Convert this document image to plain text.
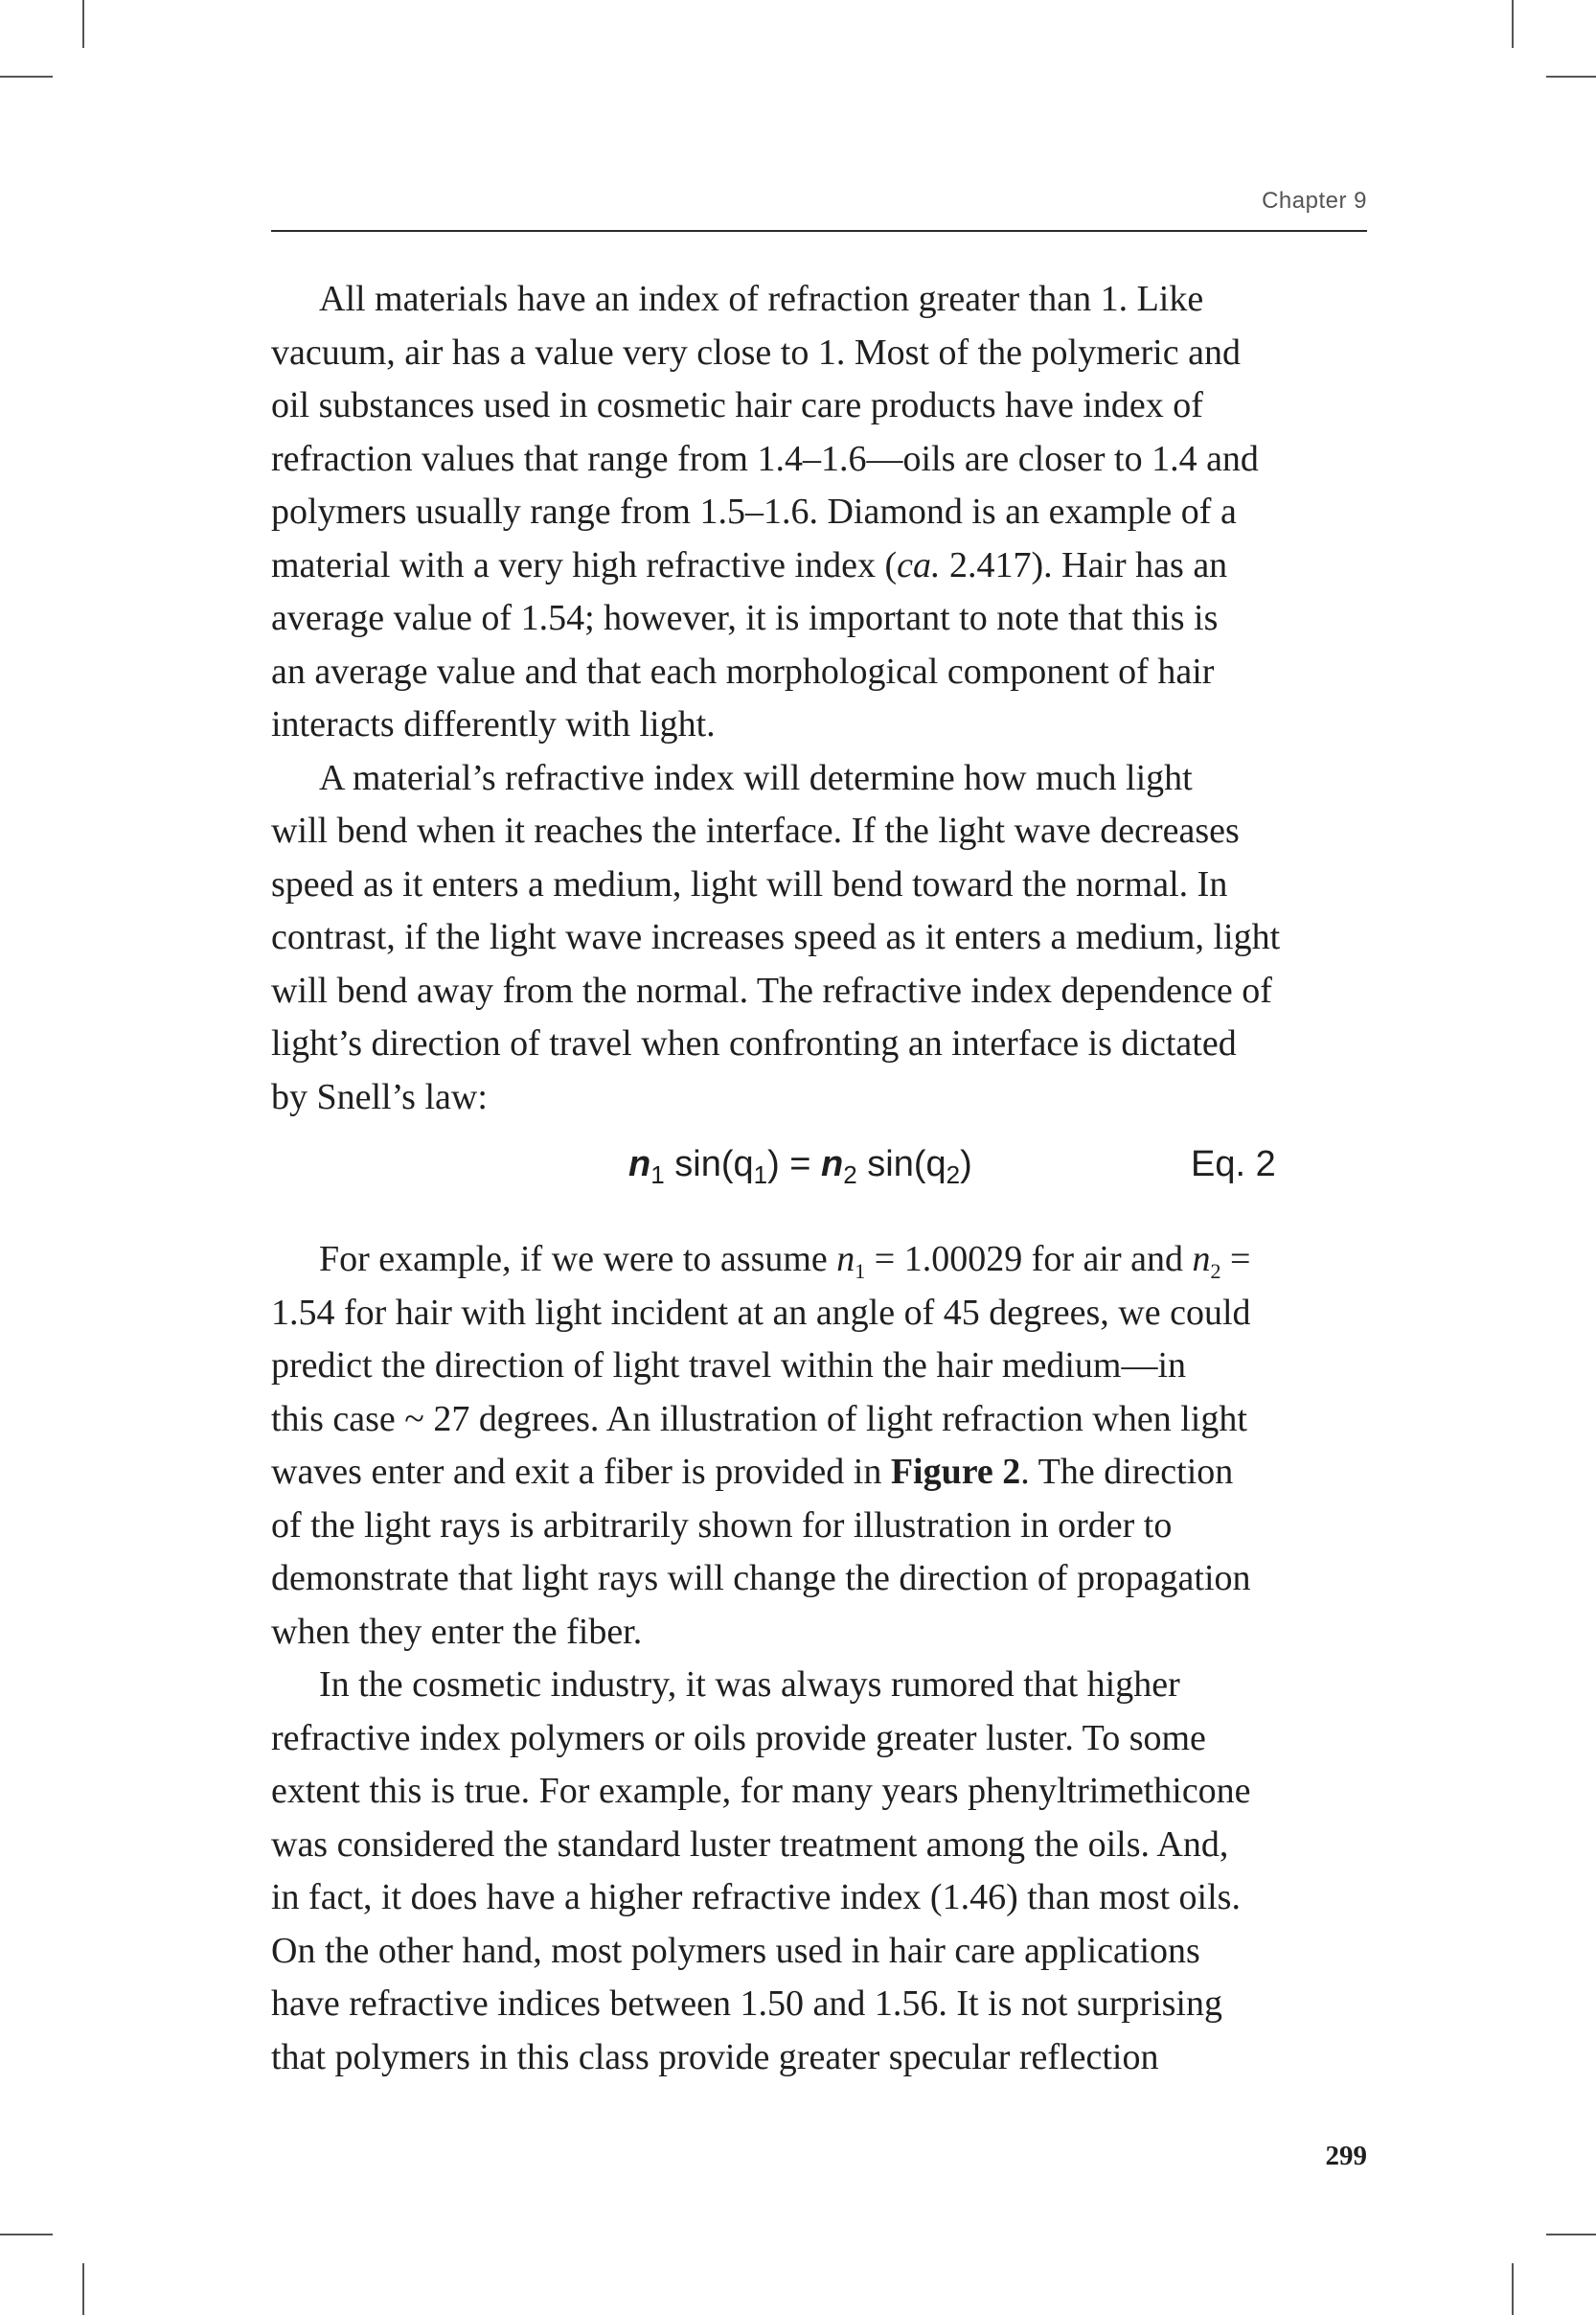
Chapter 9

All materials have an index of refraction greater than 1. Like
vacuum, air has a value very close to 1. Most of the polymeric and
oil substances used in cosmetic hair care products have index of
refraction values that range from 1.4–1.6—oils are closer to 1.4 and
polymers usually range from 1.5–1.6. Diamond is an example of a
material with a very high refractive index (ca. 2.417). Hair has an
average value of 1.54; however, it is important to note that this is
an average value and that each morphological component of hair
interacts differently with light.

A material’s refractive index will determine how much light
will bend when it reaches the interface. If the light wave decreases
speed as it enters a medium, light will bend toward the normal. In
contrast, if the light wave increases speed as it enters a medium, light
will bend away from the normal. The refractive index dependence of
light’s direction of travel when confronting an interface is dictated
by Snell’s law:

$n_1$ $\sin(q_1) = n_2$ $\sin(q_2)$	Eq. 2

For example, if we were to assume $n_1 = 1.00029$ for air and $n_2$ =
1.54 for hair with light incident at an angle of 45 degrees, we could
predict the direction of light travel within the hair medium—in
this case ~ 27 degrees. An illustration of light refraction when light
waves enter and exit a fiber is provided in Figure 2. The direction
of the light rays is arbitrarily shown for illustration in order to
demonstrate that light rays will change the direction of propagation
when they enter the fiber.

In the cosmetic industry, it was always rumored that higher
refractive index polymers or oils provide greater luster. To some
extent this is true. For example, for many years phenyltrimethicone
was considered the standard luster treatment among the oils. And,
in fact, it does have a higher refractive index (1.46) than most oils.
On the other hand, most polymers used in hair care applications
have refractive indices between 1.50 and 1.56. It is not surprising
that polymers in this class provide greater specular reflection

299
